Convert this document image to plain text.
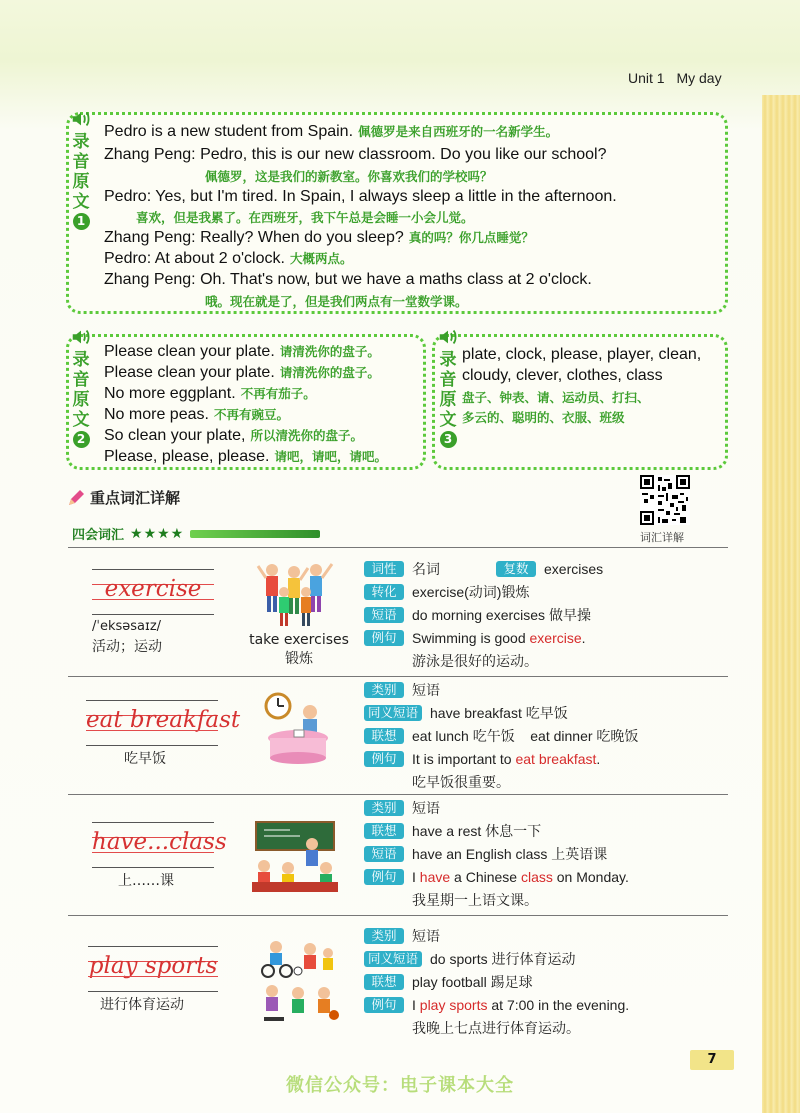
Unit 1 My day
录
音
原
文
1
Pedro is a new student from Spain. 佩德罗是来自西班牙的一名新学生。
Zhang Peng: Pedro, this is our new classroom. Do you like our school?
佩德罗，这是我们的新教室。你喜欢我们的学校吗？
Pedro: Yes, but I'm tired. In Spain, I always sleep a little in the afternoon.
喜欢，但是我累了。在西班牙，我下午总是会睡一小会儿觉。
Zhang Peng: Really? When do you sleep? 真的吗？你几点睡觉？
Pedro: At about 2 o'clock. 大概两点。
Zhang Peng: Oh. That's now, but we have a maths class at 2 o'clock.
哦。现在就是了，但是我们两点有一堂数学课。
录
音
原
文
2
Please clean your plate. 请清洗你的盘子。
Please clean your plate. 请清洗你的盘子。
No more eggplant. 不再有茄子。
No more peas. 不再有豌豆。
So clean your plate, 所以清洗你的盘子。
Please, please, please. 请吧，请吧，请吧。
录
音
原
文
3
plate, clock, please, player, clean,
cloudy, clever, clothes, class
盘子、钟表、请、运动员、打扫、
多云的、聪明的、衣服、班级
重点词汇详解
四会词汇 ★★★★	词汇详解
exercise
/ˈeksəsaɪz/
活动；运动	take exercises
锻炼
词性	名词	复数	exercises
转化	exercise(动词)锻炼
短语	do morning exercises 做早操
例句	Swimming is good exercise.
游泳是很好的运动。
eat breakfast
吃早饭
类别	短语
同义短语 have breakfast 吃早饭
联想	eat lunch 吃午饭    eat dinner 吃晚饭
例句	It is important to eat breakfast.
吃早饭很重要。
have...class
上……课
类别	短语
联想	have a rest 休息一下
短语	have an English class 上英语课
例句	I have a Chinese class on Monday.
我星期一上语文课。
play sports
进行体育运动
类别	短语
同义短语 do sports 进行体育运动
联想	play football 踢足球
例句	I play sports at 7:00 in the evening.
我晚上七点进行体育运动。
7
微信公众号：电子课本大全
